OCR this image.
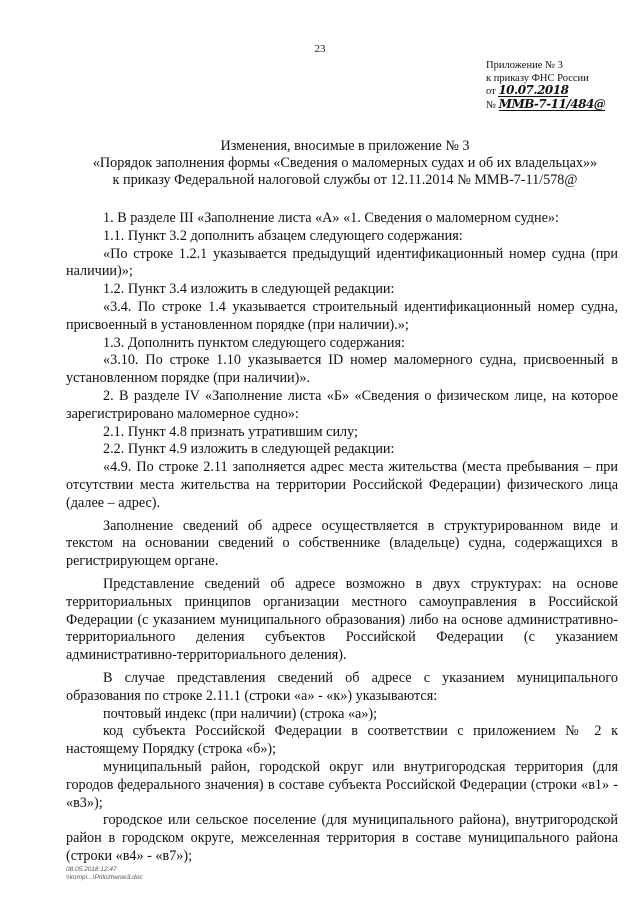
23
Приложение № 3
к приказу ФНС России
от 10.07.2018
№ ММВ-7-11/484@
Изменения, вносимые в приложение № 3
«Порядок заполнения формы «Сведения о маломерных судах и об их владельцах»»
к приказу Федеральной налоговой службы от 12.11.2014 № ММВ-7-11/578@

1. В разделе III «Заполнение листа «А» «1. Сведения о маломерном судне»:

1.1. Пункт 3.2 дополнить абзацем следующего содержания:

«По строке 1.2.1 указывается предыдущий идентификационный номер судна (при наличии)»;

1.2. Пункт 3.4 изложить в следующей редакции:

«3.4. По строке 1.4 указывается строительный идентификационный номер судна, присвоенный в установленном порядке (при наличии).»;

1.3. Дополнить пунктом следующего содержания:

«3.10. По строке 1.10 указывается ID номер маломерного судна, присвоенный в установленном порядке (при наличии)».

2. В разделе IV «Заполнение листа «Б» «Сведения о физическом лице, на которое зарегистрировано маломерное судно»:

2.1. Пункт 4.8 признать утратившим силу;

2.2. Пункт 4.9 изложить в следующей редакции:

«4.9. По строке 2.11 заполняется адрес места жительства (места пребывания – при отсутствии места жительства на территории Российской Федерации) физического лица (далее – адрес).

Заполнение сведений об адресе осуществляется в структурированном виде и текстом на основании сведений о собственнике (владельце) судна, содержащихся в регистрирующем органе.

Представление сведений об адресе возможно в двух структурах: на основе территориальных принципов организации местного самоуправления в Российской Федерации (с указанием муниципального образования) либо на основе административно-территориального деления субъектов Российской Федерации (с указанием административно-территориального деления).

В случае представления сведений об адресе с указанием муниципального образования по строке 2.11.1 (строки «а» - «к») указываются:

почтовый индекс (при наличии) (строка «а»);

код субъекта Российской Федерации в соответствии с приложением № 2 к настоящему Порядку (строка «б»);

муниципальный район, городской округ или внутригородская территория (для городов федерального значения) в составе субъекта Российской Федерации (строки «в1» - «в3»);

городское или сельское поселение (для муниципального района), внутригородской район в городском округе, межселенная территория в составе муниципального района (строки «в4» - «в7»);

08.05.2018 12:47
\\komp\...\Prilozhenie3.doc
